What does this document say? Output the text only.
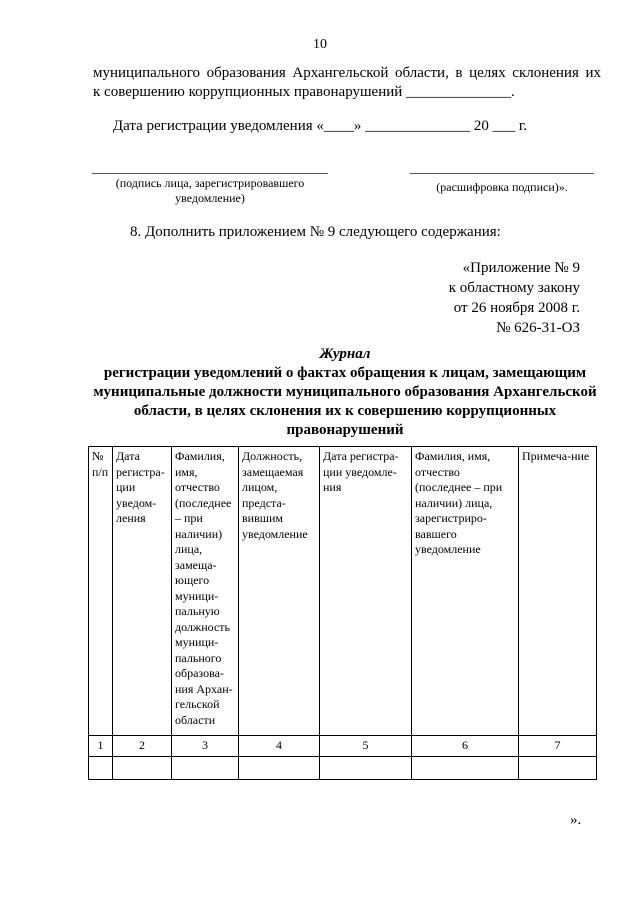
10
муниципального образования Архангельской области, в целях склонения их
к совершению коррупционных правонарушений ______________.
Дата регистрации уведомления «____» ______________ 20 ___ г.
(подпись лица, зарегистрировавшего уведомление)
(расшифровка подписи)».
8. Дополнить приложением № 9 следующего содержания:
«Приложение № 9
к областному закону
от 26 ноября 2008 г.
№ 626-31-ОЗ
Журнал
регистрации уведомлений о фактах обращения к лицам, замещающим муниципальные должности муниципального образования Архангельской области, в целях склонения их к совершению коррупционных правонарушений
№ п/п	Дата регистра-ции уведом-ления	Фамилия, имя, отчество (последнее – при наличии) лица, замеща-ющего муници-пальную должность муници-пального образова-ния Архан-гельской области	Должность, замещаемая лицом, предста-вившим уведомление	Дата регистра-ции уведомле-ния	Фамилия, имя, отчество (последнее – при наличии) лица, зарегистриро-вавшего уведомление	Примеча-ние
1	2	3	4	5	6	7

».
